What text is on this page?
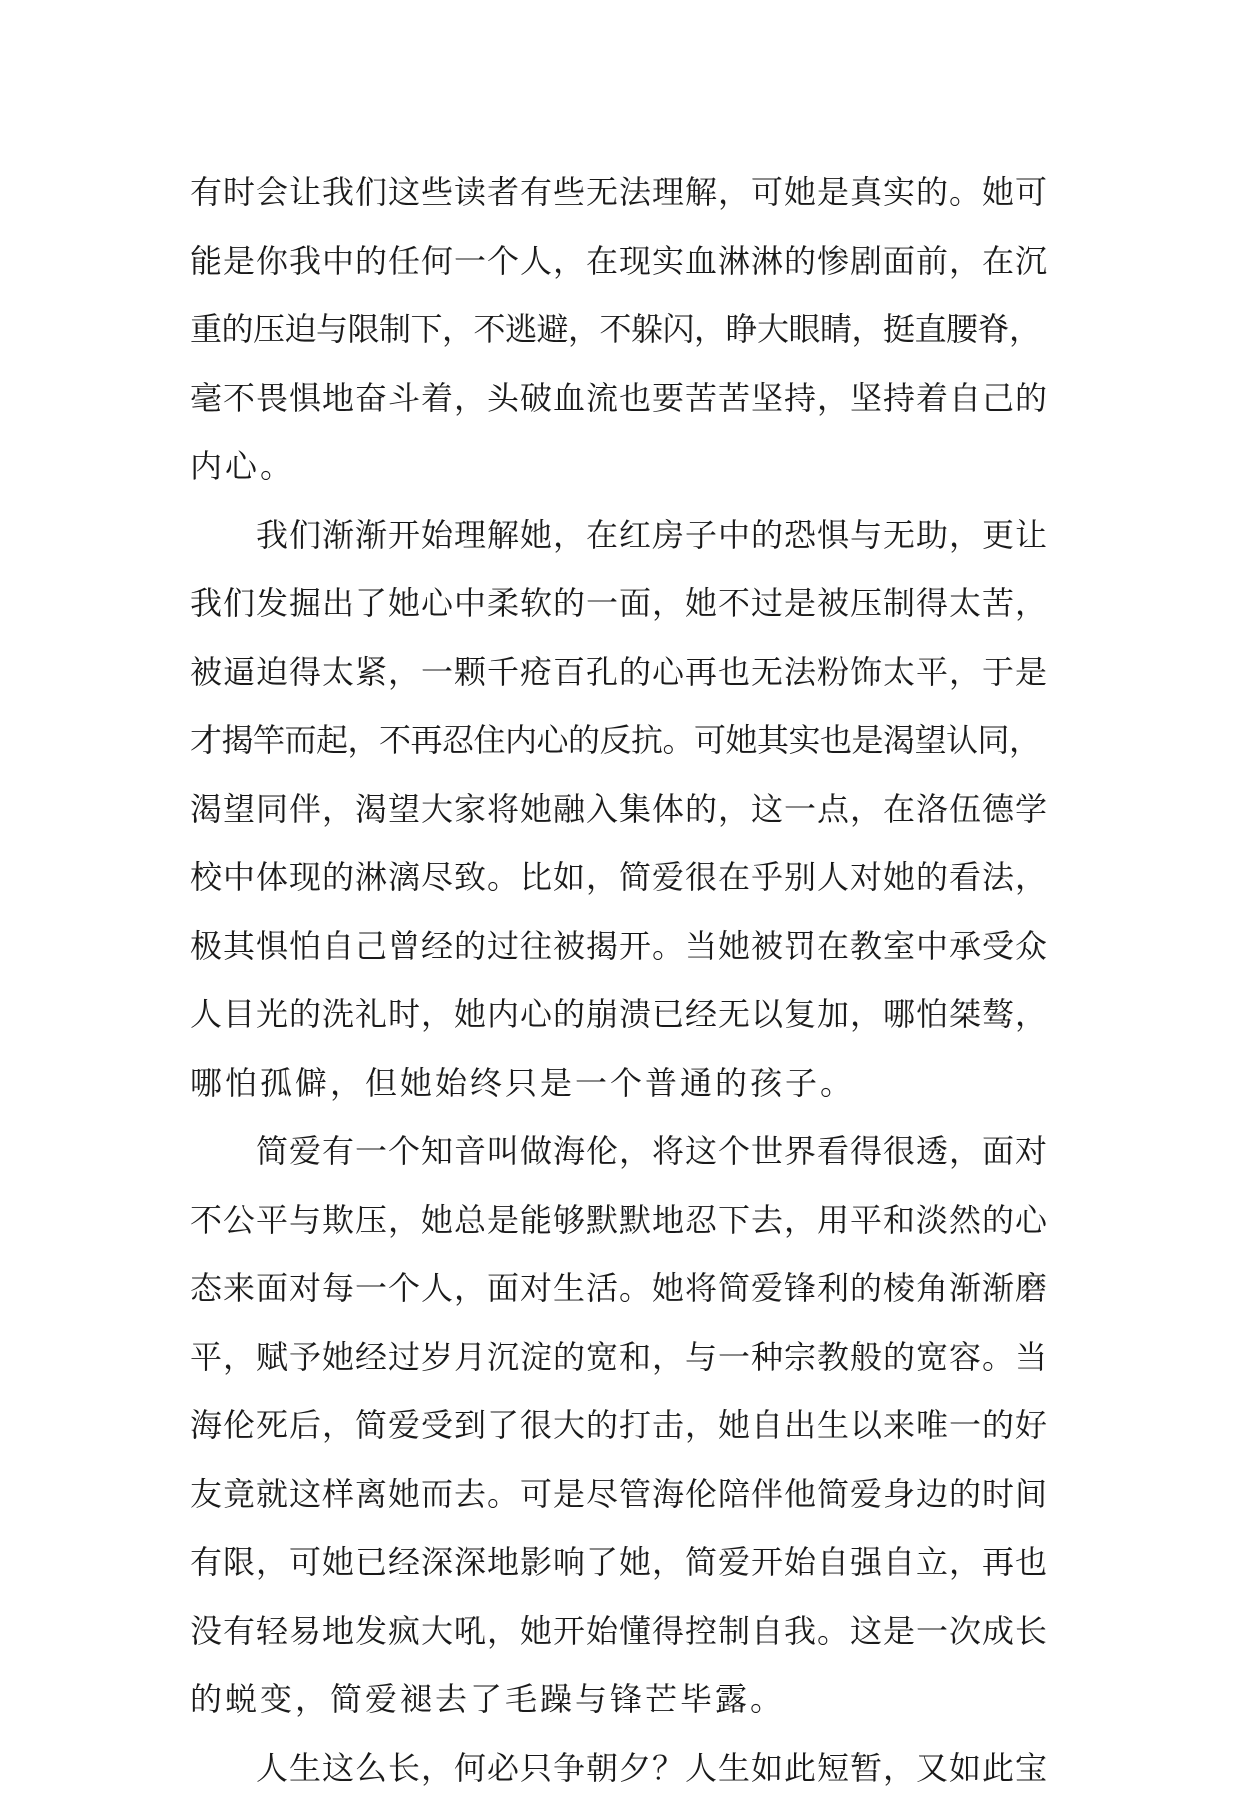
有时会让我们这些读者有些无法理解，可她是真实的。她可
能是你我中的任何一个人，在现实血淋淋的惨剧面前，在沉
重的压迫与限制下，不逃避，不躲闪，睁大眼睛，挺直腰脊，
毫不畏惧地奋斗着，头破血流也要苦苦坚持，坚持着自己的
内心。
　　我们渐渐开始理解她，在红房子中的恐惧与无助，更让
我们发掘出了她心中柔软的一面，她不过是被压制得太苦，
被逼迫得太紧，一颗千疮百孔的心再也无法粉饰太平，于是
才揭竿而起，不再忍住内心的反抗。可她其实也是渴望认同，
渴望同伴，渴望大家将她融入集体的，这一点，在洛伍德学
校中体现的淋漓尽致。比如，简爱很在乎别人对她的看法，
极其惧怕自己曾经的过往被揭开。当她被罚在教室中承受众
人目光的洗礼时，她内心的崩溃已经无以复加，哪怕桀骜，
哪怕孤僻，但她始终只是一个普通的孩子。
　　简爱有一个知音叫做海伦，将这个世界看得很透，面对
不公平与欺压，她总是能够默默地忍下去，用平和淡然的心
态来面对每一个人，面对生活。她将简爱锋利的棱角渐渐磨
平，赋予她经过岁月沉淀的宽和，与一种宗教般的宽容。当
海伦死后，简爱受到了很大的打击，她自出生以来唯一的好
友竟就这样离她而去。可是尽管海伦陪伴他简爱身边的时间
有限，可她已经深深地影响了她，简爱开始自强自立，再也
没有轻易地发疯大吼，她开始懂得控制自我。这是一次成长
的蜕变，简爱褪去了毛躁与锋芒毕露。
　　人生这么长，何必只争朝夕？人生如此短暂，又如此宝
